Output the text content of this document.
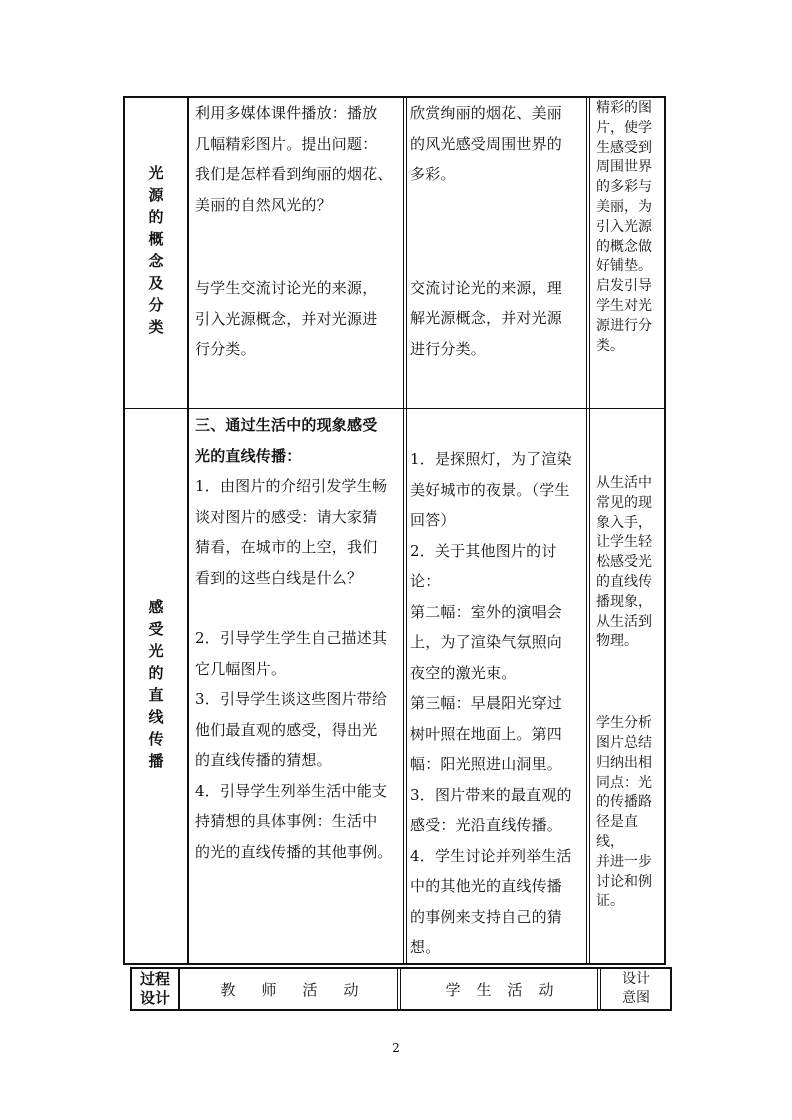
光
源
的
概
念
及
分
类
利用多媒体课件播放：播放
几幅精彩图片。提出问题：
我们是怎样看到绚丽的烟花、
美丽的自然风光的？
与学生交流讨论光的来源，
引入光源概念，并对光源进
行分类。
欣赏绚丽的烟花、美丽
的风光感受周围世界的
多彩。
交流讨论光的来源，理
解光源概念，并对光源
进行分类。
精彩的图
片，使学
生感受到
周围世界
的多彩与
美丽，为
引入光源
的概念做
好铺垫。
启发引导
学生对光
源进行分
类。
感
受
光
的
直
线
传
播
三、通过生活中的现象感受
光的直线传播：
1．由图片的介绍引发学生畅
谈对图片的感受：请大家猜
猜看，在城市的上空，我们
看到的这些白线是什么？
2．引导学生学生自己描述其
它几幅图片。
3．引导学生谈这些图片带给
他们最直观的感受，得出光
的直线传播的猜想。
4．引导学生列举生活中能支
持猜想的具体事例：生活中
的光的直线传播的其他事例。
1．是探照灯，为了渲染
美好城市的夜景。（学生
回答）
2．关于其他图片的讨论：
第二幅：室外的演唱会
上，为了渲染气氛照向
夜空的激光束。
第三幅：早晨阳光穿过
树叶照在地面上。第四
幅：阳光照进山洞里。
3．图片带来的最直观的
感受：光沿直线传播。
4．学生讨论并列举生活
中的其他光的直线传播
的事例来支持自己的猜
想。
从生活中
常见的现
象入手，
让学生轻
松感受光
的直线传
播现象，
从生活到
物理。
学生分析
图片总结
归纳出相
同点：光
的传播路
径是直线，
并进一步
讨论和例
证。
过程
设计	教师活动	学生活动
设计
意图
2
